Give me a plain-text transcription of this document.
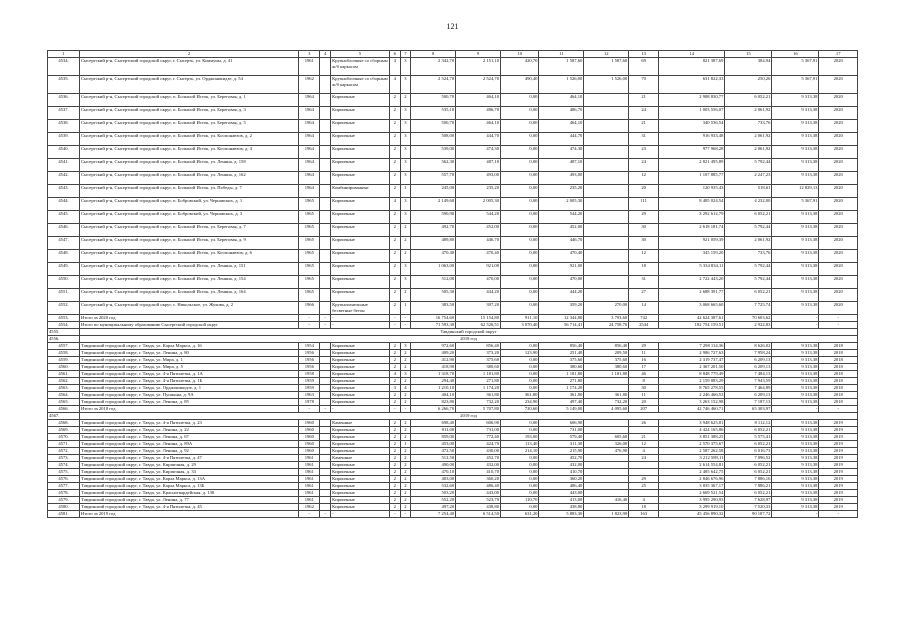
121
1	2	3	4	5	6	7	8	9	10	11	12	13	14	15	16	17
4534.	Сысертский р-н, Сысертский городской округ, г. Сысерть, ул. Коммуны, д. 41	1961		Крупноблочные со сборным ж/б каркасом	4	3	2 342,70	2 151,10	420,70	1 587,60	1 587,60	69	821 387,69	384,94	5 367,91	2020
4535.	Сысертский р-н, Сысертский городской округ, г. Сысерть, ул. Орджоникидзе, д. 54	1962		Крупноблочные со сборным ж/б каркасом	4	3	2 524,70	2 524,70	490,40	1 526,00	1 526,00	70	631 822,33	250,26	5 367,91	2020
4536.	Сысертский р-н, Сысертский городской округ, п. Большой Исток, ул. Береговая, д. 1	1964		Кирпичные	2	2	500,70	464,10	0,00	464,10		21	2 908 830,77	6 052,21	9 313,38	2020
4537.	Сысертский р-н, Сысертский городской округ, п. Большой Исток, ул. Береговая, д. 3	1964		Кирпичные	2	3	535,10	486,70	0,00	486,70		24	1 003 556,07	2 061,92	9 313,38	2020
4538.	Сысертский р-н, Сысертский городской округ, п. Большой Исток, ул. Береговая, д. 5	1964		Кирпичные	2	3	500,70	464,10	0,00	464,10		21	340 536,54	733,76	9 313,38	2020
4539.	Сысертский р-н, Сысертский городской округ, п. Большой Исток, ул. Космонавтов, д. 2	1964		Кирпичные	2	3	508,00	444,70	0,00	444,70		31	916 933,48	2 061,92	9 313,38	2020
4540.	Сысертский р-н, Сысертский городской округ, п. Большой Исток, ул. Космонавтов, д. 4	1964		Кирпичные	2	3	539,00	474,30	0,00	474,30		23	977 968,28	2 061,92	9 313,38	2020
4541.	Сысертский р-н, Сысертский городской округ, п. Большой Исток, ул. Ленина, д. 158	1964		Кирпичные	2	3	562,30	487,10	0,00	487,10		24	2 821 495,89	5 792,44	9 313,38	2020
4542.	Сысертский р-н, Сысертский городской округ, п. Большой Исток, ул. Ленина, д. 162	1964		Кирпичные	2	3	557,70	493,00	0,00	493,00		12	1 107 885,77	2 247,23	9 313,38	2020
4543.	Сысертский р-н, Сысертский городской округ, п. Большой Исток, ул. Победы, д. 7	1964		Комбинированные	2	1	245,00	235,20	0,00	235,20		20	120 935,43	518,61	12 829,13	2020
4544.	Сысертский р-н, Сысертский городской округ, п. Бобровский, ул. Чернавских, д. 1	1965		Кирпичные	4	3	2 149,60	2 005,30	0,00	2 005,30		111	8 485 024,54	4 232,00	5 367,91	2020
4545.	Сысертский р-н, Сысертский городской округ, п. Бобровский, ул. Чернавских, д. 3	1965		Кирпичные	2	3	590,90	544,20	0,00	544,20		29	3 292 612,79	6 052,21	9 313,38	2020
4546.	Сысертский р-н, Сысертский городской округ, п. Большой Исток, ул. Береговая, д. 7	1965		Кирпичные	2	2	492,70	452,00	0,00	452,00		30	2 618 181,74	5 792,44	9 313,38	2020
4547.	Сысертский р-н, Сысертский городской округ, п. Большой Исток, ул. Береговая, д. 9	1965		Кирпичные	2	2	489,80	446,70	0,00	446,70		30	921 059,39	2 061,92	9 313,38	2020
4548.	Сысертский р-н, Сысертский городской округ, п. Большой Исток, ул. Космонавтов, д. 6	1965		Кирпичные	2	2	470,40	470,40	0,00	470,40		12	345 159,20	733,76	9 313,38	2020
4549.	Сысертский р-н, Сысертский городской округ, п. Большой Исток, ул. Ленина, д. 151	1965		Кирпичные	2	3	1 063,00	921,00	0,00	921,00		18	5 334 834,11	5 792,44	9 313,38	2020
4550.	Сысертский р-н, Сысертский городской округ, п. Большой Исток, ул. Ленина, д. 154	1965		Кирпичные	2	3	512,00	470,00	0,00	470,00		31	2 722 443,20	5 792,44	9 313,38	2020
4551.	Сысертский р-н, Сысертский городской округ, п. Большой Исток, ул. Ленина, д. 164	1965		Кирпичные	2	2	505,30	444,20	0,00	444,20		27	2 688 391,77	6 052,21	9 313,38	2020
4552.	Сысертский р-н, Сысертский городской округ, с. Никольское, ул. Жукова, д. 2	1966		Крупнопанельные бесветные бетон	2	1	383,50	397,20	0,00	359,20	270,00	14	3 068 665,60	7 725,74	9 313,38	2020
4553.	Итого за 2020 год	-	-	-	-	-	16 754,60	15 154,80	911,10	12 344,80	3 793,60	742	42 624 387,61	70 603,62	-	-
4554.	Итого по муниципальному образованию Сысертский городской округ	-	-	-	-	-	71 593,30	62 526,51	3 070,40	56 714,41	24 758,70	2544	182 754 159,51	2 922,83	-	-
4555.	Тавдинский городской округ															
4556.	2018 год															
4557.	Тавдинский городской округ, г. Тавда, ул. Карла Маркса, д. 16	1954		Кирпичные	2	3	972,60	856,40	0,00	856,40	856,40	29	7 298 114,36	8 626,02	9 313,38	2018
4558.	Тавдинский городской округ, г. Тавда, ул. Ленина, д. 80	1956		Кирпичные	2	2	409,20	373,20	123,90	251,40	209,50	11	2 986 727,63	7 958,24	9 313,38	2018
4559.	Тавдинский городской округ, г. Тавда, ул. Мира, д. 1	1956		Кирпичные	2	2	412,90	375,60	0,00	375,60	375,60	16	2 319 737,47	6 209,13	9 313,38	2018
4560.	Тавдинский городской округ, г. Тавда, ул. Мира, д. 5	1956		Кирпичные	2	2	418,90	380,60	0,00	380,60	380,60	17	2 367 201,50	6 209,13	9 313,38	2018
4561.	Тавдинский городской округ, г. Тавда, ул. 4-я Пятилетка, д. 1А	1958		Кирпичные	4	3	1 318,70	1 181,80	0,00	1 181,80	1 181,80	46	8 848 779,49	7 484,13	9 313,38	2018
4562.	Тавдинский городской округ, г. Тавда, ул. 4-я Пятилетка, д. 1Б	1959		Кирпичные	2	2	294,40	271,80	0,00	271,80		8	2 159 083,29	7 943,59	9 313,38	2018
4563.	Тавдинский городской округ, г. Тавда, ул. Орджоникидзе, д. 1	1959		Кирпичные	3	4	1 210,10	1 174,20	0,00	1 174,20		30	8 765 278,55	7 464,89	9 313,38	2018
4564.	Тавдинский городской округ, г. Тавда, ул. Пушкина, д. 9А	1963		Кирпичные	2	2	404,10	361,80	361,80	361,80	361,80	11	2 246 466,53	6 209,13	9 313,38	2018
4565.	Тавдинский городской округ, г. Тавда, ул. Ленина, д. 85	1978		Кирпичные	2	2	823,80	732,20	234,90	497,40	732,20	20	3 263 152,98	7 187,13	9 313,38	2018
4566.	Итого за 2018 год	-	-	-	-	-	6 266,70	5 707,80	720,60	5 149,00	4 095,60	207	42 746 460,71	65 303,97	-	-
4567.	2019 год															
4568.	Тавдинский городской округ, г. Тавда, ул. 4-я Пятилетка, д. 23	1960		Каменные	2	2	698,40	606,90	0,00	606,90		26	3 948 625,81	8 112,12	9 313,38	2019
4569.	Тавдинский городской округ, г. Тавда, ул. Ленина, д. 22	1960		Кирпичные	2	2	811,00	731,00	0,00	731,00			4 424 165,86	6 052,21	9 313,38	2019
4570.	Тавдинский городской округ, г. Тавда, ул. Ленина, д. 67	1960		Кирпичные	2	2	859,00	772,40	193,00	579,40	605,60	21	3 851 388,25	5 575,41	9 313,38	2019
4571.	Тавдинский городской округ, г. Тавда, ул. Ленина, д. 89А	1960		Кирпичные	2	1	453,00	424,70	113,40	311,30	326,00	12	2 570 375,67	6 052,21	9 313,38	2019
4572.	Тавдинский городской округ, г. Тавда, ул. Ленина, д. 92	1960		Кирпичные	2	2	472,50	430,00	214,10	215,90	476,90	4	2 587 262,58	6 016,73	9 313,38	2019
4573.	Тавдинский городской округ, г. Тавда, ул. 4-я Пятилетка, д. 47	1961		Каменные	2	2	512,50	452,70	0,00	452,70		24	3 212 589,11	7 096,52	9 313,38	2019
4574.	Тавдинский городской округ, г. Тавда, ул. Кирпичная, д. 29	1961		Кирпичные	2	2	490,00	432,00	0,00	432,00			2 614 554,81	6 052,21	9 313,38	2019
4575.	Тавдинский городской округ, г. Тавда, ул. Кирпичная, д. 33	1961		Кирпичные	2	2	470,10	410,70	0,00	410,70			2 485 642,75	6 052,21	9 313,38	2019
4576.	Тавдинский городской округ, г. Тавда, ул. Карла Маркса, д. 13А	1961		Кирпичные	2	2	403,00	360,20	0,00	360,20		29	2 846 676,96	7 886,16	9 313,38	2019
4577.	Тавдинский городской округ, г. Тавда, ул. Карла Маркса, д. 13Б	1961		Кирпичные	2	2	532,60	486,40	0,00	486,40		25	3 835 367,17	7 886,21	9 313,38	2019
4578.	Тавдинский городской округ, г. Тавда, ул. Красногвардейская, д. 138	1961		Кирпичные	2	2	503,20	443,00	0,00	443,00			2 669 521,54	6 052,21	9 313,38	2019
4579.	Тавдинский городской округ, г. Тавда, ул. Ленина, д. 77	1961		Кирпичные	2	2	552,20	523,70	110,70	413,00	416,40	4	3 995 290,93	7 628,97	9 313,38	2019
4580.	Тавдинский городской округ, г. Тавда, ул. 4-я Пятилетка, д. 45	1962		Кирпичные	2	2	497,20	438,80	0,00	438,80		18	3 299 919,10	7 520,33	9 313,38	2019
4581.	Итого за 2019 год	-	-	-	-	-	7 254,40	6 514,50	631,20	5 883,30	1 823,90	163	45 456 890,32	90 187,72	-	-
